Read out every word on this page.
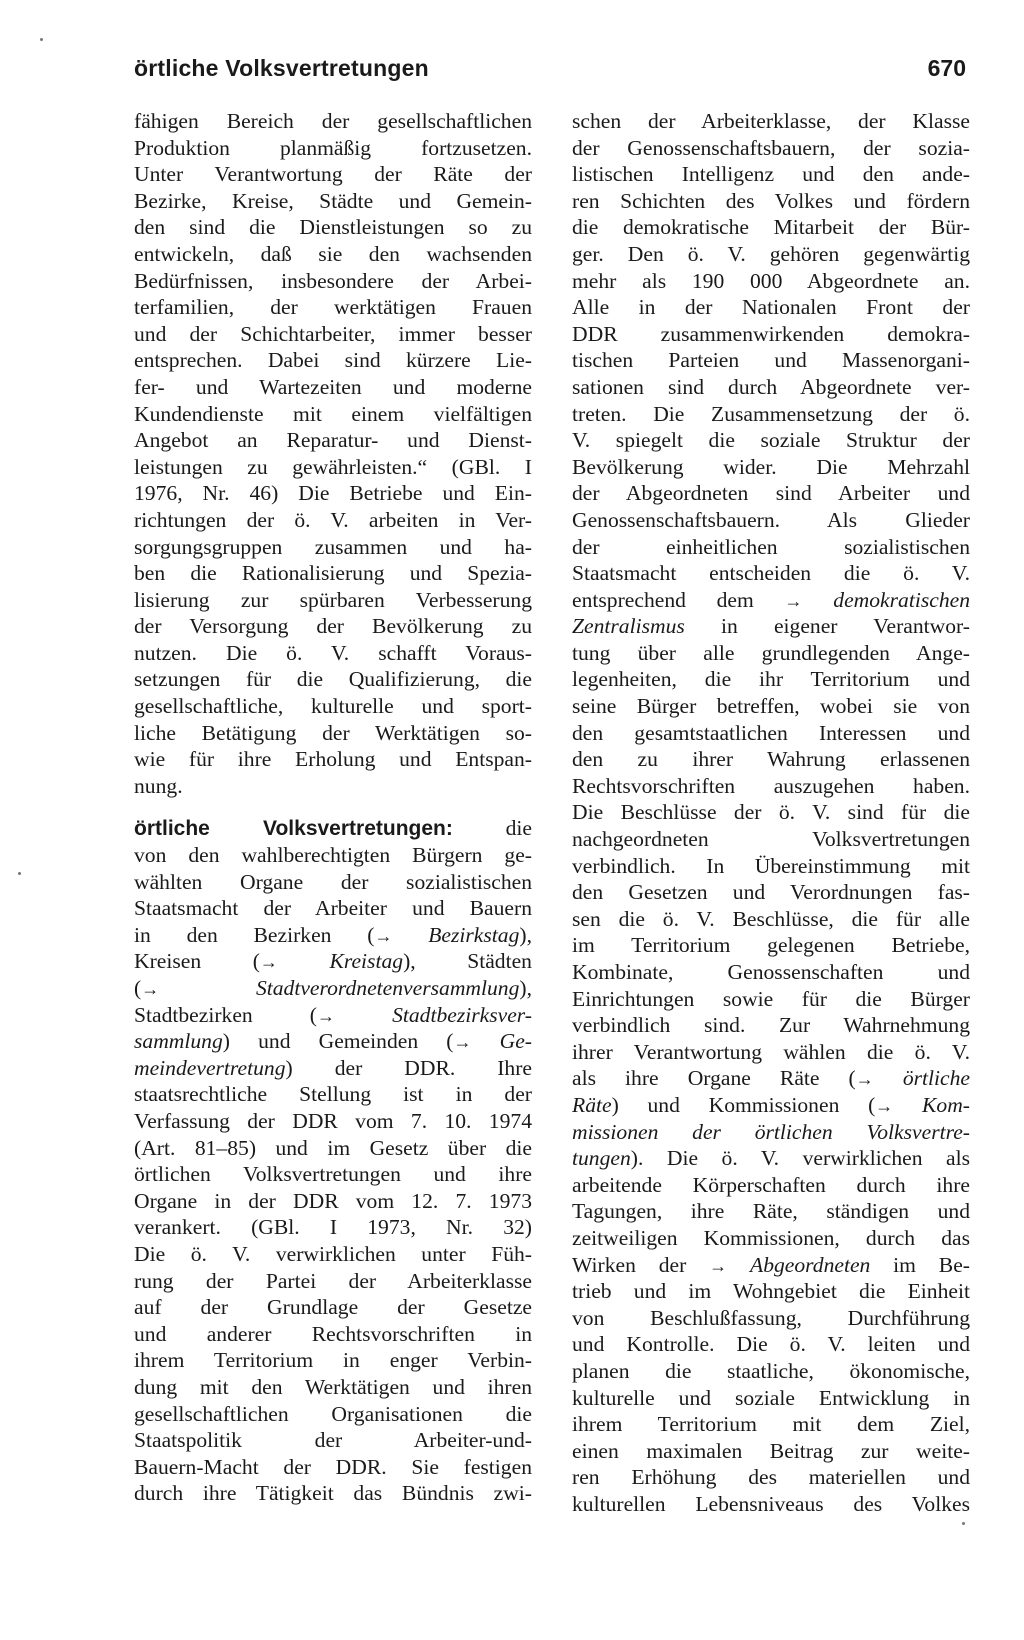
örtliche Volksvertretungen	670
fähigen Bereich der gesellschaftlichen
Produktion planmäßig fortzusetzen.
Unter Verantwortung der Räte der
Bezirke, Kreise, Städte und Gemein-
den sind die Dienstleistungen so zu
entwickeln, daß sie den wachsenden
Bedürfnissen, insbesondere der Arbei-
terfamilien, der werktätigen Frauen
und der Schichtarbeiter, immer besser
entsprechen. Dabei sind kürzere Lie-
fer- und Wartezeiten und moderne
Kundendienste mit einem vielfältigen
Angebot an Reparatur- und Dienst-
leistungen zu gewährleisten.“ (GBl. I
1976, Nr. 46) Die Betriebe und Ein-
richtungen der ö. V. arbeiten in Ver-
sorgungsgruppen zusammen und ha-
ben die Rationalisierung und Spezia-
lisierung zur spürbaren Verbesserung
der Versorgung der Bevölkerung zu
nutzen. Die ö. V. schafft Voraus-
setzungen für die Qualifizierung, die
gesellschaftliche, kulturelle und sport-
liche Betätigung der Werktätigen so-
wie für ihre Erholung und Entspan-
nung.
örtliche Volksvertretungen: die
von den wahlberechtigten Bürgern ge-
wählten Organe der sozialistischen
Staatsmacht der Arbeiter und Bauern
in den Bezirken (→ Bezirkstag),
Kreisen (→ Kreistag), Städten
(→	Stadtverordnetenversammlung),
Stadtbezirken (→	Stadtbezirksver-
sammlung) und Gemeinden (→ Ge-
meindevertretung) der DDR. Ihre
staatsrechtliche Stellung ist in der
Verfassung der DDR vom 7. 10. 1974
(Art. 81–85) und im Gesetz über die
örtlichen Volksvertretungen und ihre
Organe in der DDR vom 12. 7. 1973
verankert. (GBl. I 1973, Nr. 32)
Die ö. V. verwirklichen unter Füh-
rung der Partei der Arbeiterklasse
auf der Grundlage der Gesetze
und anderer Rechtsvorschriften in
ihrem Territorium in enger Verbin-
dung mit den Werktätigen und ihren
gesellschaftlichen Organisationen die
Staatspolitik der Arbeiter-und-
Bauern-Macht der DDR. Sie festigen
durch ihre Tätigkeit das Bündnis zwi-
schen der Arbeiterklasse, der Klasse
der Genossenschaftsbauern, der sozia-
listischen Intelligenz und den ande-
ren Schichten des Volkes und fördern
die demokratische Mitarbeit der Bür-
ger. Den ö. V. gehören gegenwärtig
mehr als 190 000 Abgeordnete an.
Alle in der Nationalen Front der
DDR zusammenwirkenden demokra-
tischen Parteien und Massenorgani-
sationen sind durch Abgeordnete ver-
treten. Die Zusammensetzung der ö.
V. spiegelt die soziale Struktur der
Bevölkerung wider. Die Mehrzahl
der Abgeordneten sind Arbeiter und
Genossenschaftsbauern. Als Glieder
der einheitlichen sozialistischen
Staatsmacht entscheiden die ö. V.
entsprechend dem → demokratischen
Zentralismus in eigener Verantwor-
tung über alle grundlegenden Ange-
legenheiten, die ihr Territorium und
seine Bürger betreffen, wobei sie von
den gesamtstaatlichen Interessen und
den zu ihrer Wahrung erlassenen
Rechtsvorschriften auszugehen haben.
Die Beschlüsse der ö. V. sind für die
nachgeordneten Volksvertretungen
verbindlich. In Übereinstimmung mit
den Gesetzen und Verordnungen fas-
sen die ö. V. Beschlüsse, die für alle
im Territorium gelegenen Betriebe,
Kombinate, Genossenschaften und
Einrichtungen sowie für die Bürger
verbindlich sind. Zur Wahrnehmung
ihrer Verantwortung wählen die ö. V.
als ihre Organe Räte (→ örtliche
Räte) und Kommissionen (→ Kom-
missionen der örtlichen Volksvertre-
tungen). Die ö. V. verwirklichen als
arbeitende Körperschaften durch ihre
Tagungen, ihre Räte, ständigen und
zeitweiligen Kommissionen, durch das
Wirken der → Abgeordneten im Be-
trieb und im Wohngebiet die Einheit
von Beschlußfassung, Durchführung
und Kontrolle. Die ö. V. leiten und
planen die staatliche, ökonomische,
kulturelle und soziale Entwicklung in
ihrem Territorium mit dem Ziel,
einen maximalen Beitrag zur weite-
ren Erhöhung des materiellen und
kulturellen Lebensniveaus des Volkes
